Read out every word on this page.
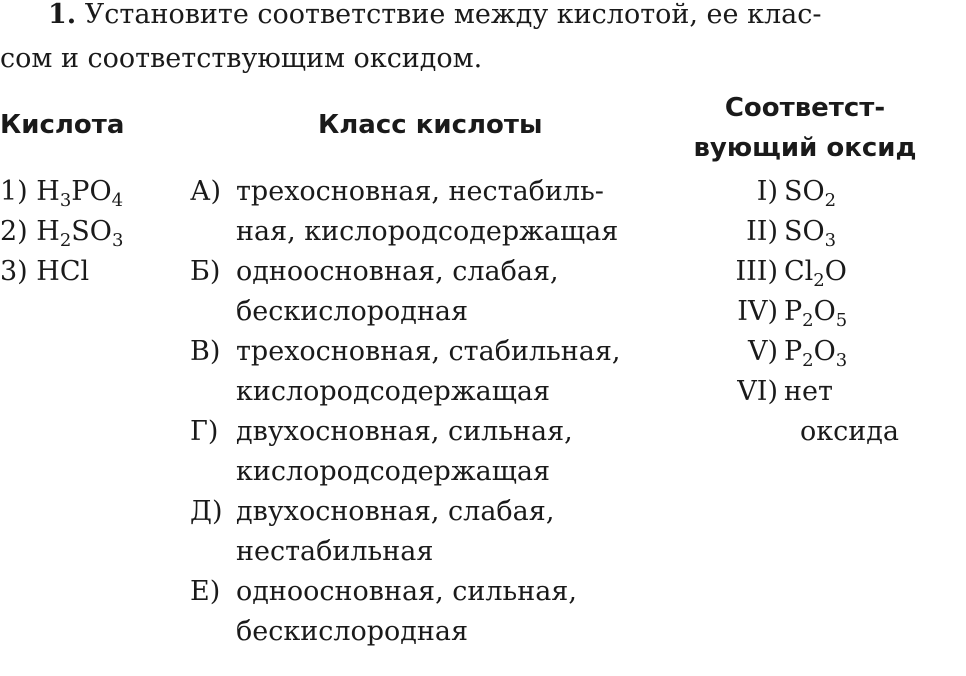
1. Установите соответствие между кислотой, ее клас-
сом и соответствующим оксидом.
Кислота	Класс кислоты
Соответст-
вующий оксид
1) $H_3PO_4$
2) $H_2SO_3$
3) HCl
А) трехосновная, нестабиль-
ная, кислородсодержащая
Б) одноосновная, слабая,
бескислородная
В) трехосновная, стабильная,
кислородсодержащая
Г) двухосновная, сильная,
кислородсодержащая
Д) двухосновная, слабая,
нестабильная
Е) одноосновная, сильная,
бескислородная
I) $SO_2$
II) $SO_3$
III) $Cl_2O$
IV) $P_2O_5$
V) $P_2O_3$
VI) нет
оксида
